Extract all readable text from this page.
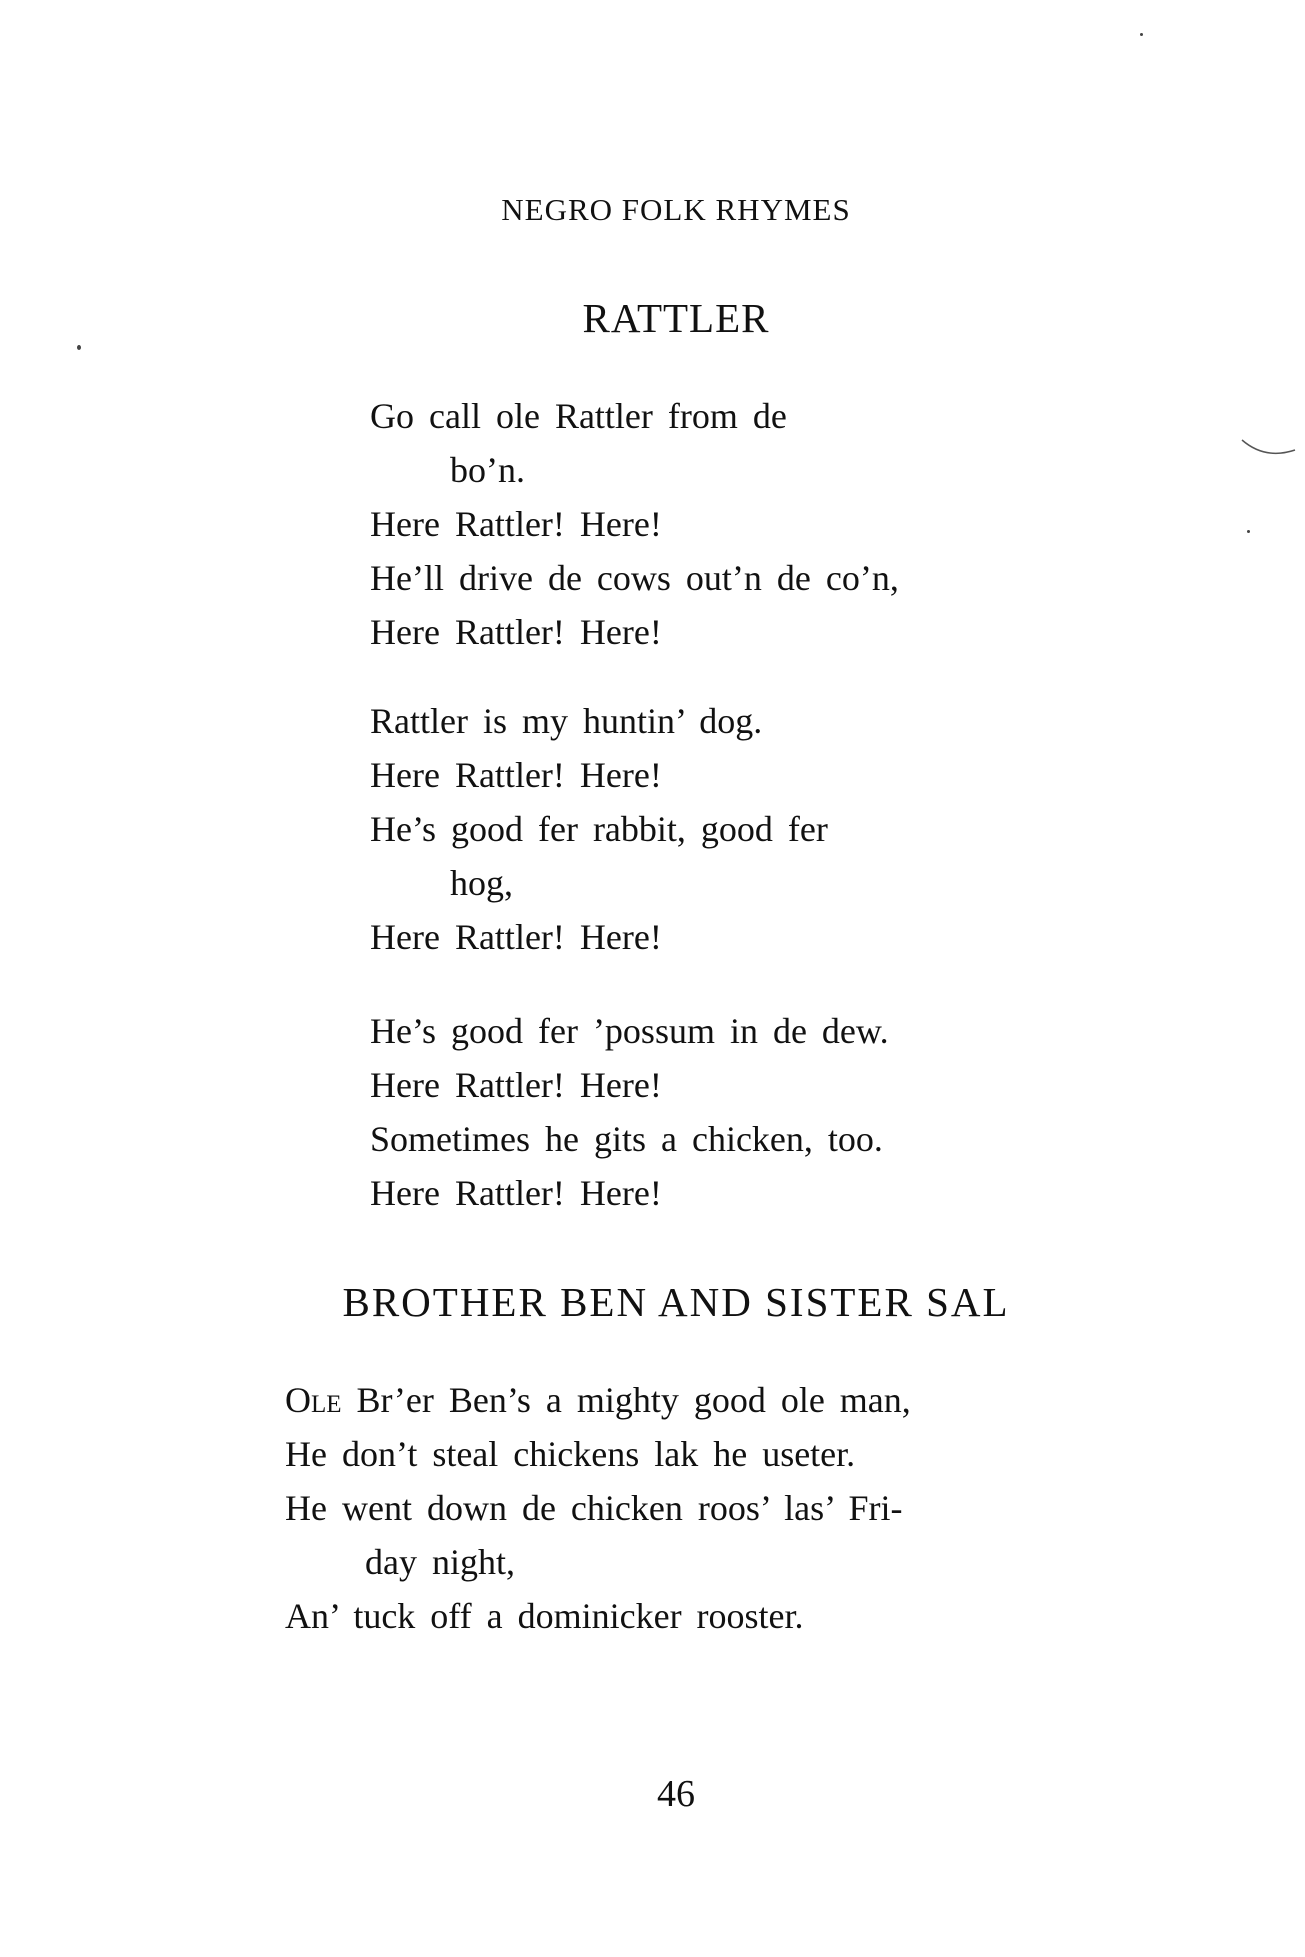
NEGRO FOLK RHYMES
RATTLER
Go call ole Rattler from de
bo’n.
Here Rattler! Here!
He’ll drive de cows out’n de co’n,
Here Rattler! Here!
Rattler is my huntin’ dog.
Here Rattler! Here!
He’s good fer rabbit, good fer
hog,
Here Rattler! Here!
He’s good fer ’possum in de dew.
Here Rattler! Here!
Sometimes he gits a chicken, too.
Here Rattler! Here!
BROTHER BEN AND SISTER SAL
Ole Br’er Ben’s a mighty good ole man,
He don’t steal chickens lak he useter.
He went down de chicken roos’ las’ Fri-
day night,
An’ tuck off a dominicker rooster.
46
